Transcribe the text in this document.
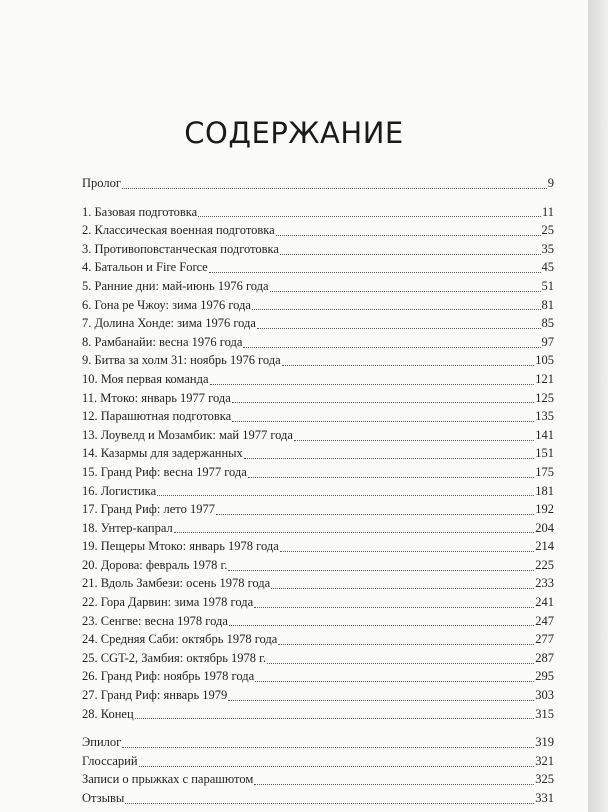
СОДЕРЖАНИЕ
Пролог	9
1. Базовая подготовка	11
2. Классическая военная подготовка	25
3. Противоповстанческая подготовка	35
4. Батальон и Fire Force	45
5. Ранние дни: май-июнь 1976 года	51
6. Гона ре Чжоу: зима 1976 года	81
7. Долина Хонде: зима 1976 года	85
8. Рамбанайи: весна 1976 года	97
9. Битва за холм 31: ноябрь 1976 года	105
10. Моя первая команда	121
11. Мтоко: январь 1977 года	125
12. Парашютная подготовка	135
13. Лоувелд и Мозамбик: май 1977 года	141
14. Казармы для задержанных	151
15. Гранд Риф: весна 1977 года	175
16. Логистика	181
17. Гранд Риф: лето 1977	192
18. Унтер-капрал	204
19. Пещеры Мтоко: январь 1978 года	214
20. Дорова: февраль 1978 г.	225
21. Вдоль Замбези: осень 1978 года	233
22. Гора Дарвин: зима 1978 года	241
23. Сенгве: весна 1978 года	247
24. Средняя Саби: октябрь 1978 года	277
25. CGT-2, Замбия: октябрь 1978 г.	287
26. Гранд Риф: ноябрь 1978 года	295
27. Гранд Риф: январь 1979	303
28. Конец	315
Эпилог	319
Глоссарий	321
Записи о прыжках с парашютом	325
Отзывы	331
